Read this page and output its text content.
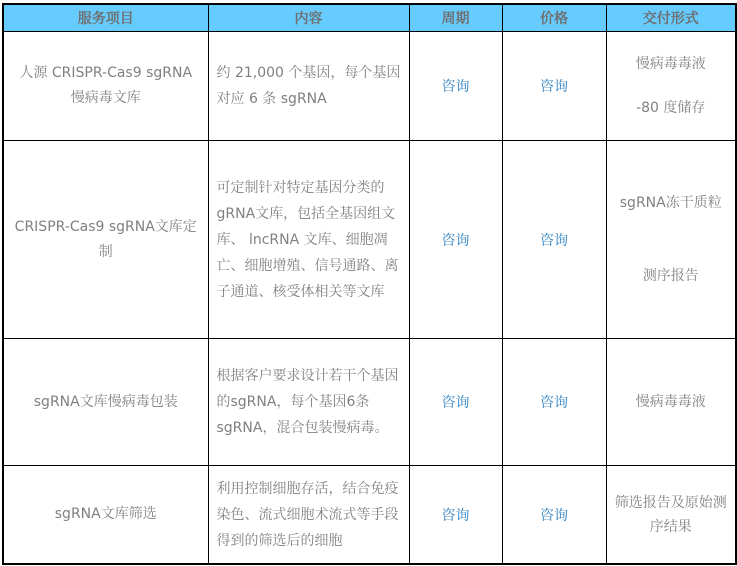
服务项目	内容	周期	价格	交付形式
人源 CRISPR-Cas9 sgRNA 慢病毒文库	约 21,000 个基因，每个基因对应 6 条 sgRNA	咨询	咨询	慢病毒毒液
-80 度储存

CRISPR-Cas9 sgRNA文库定制	可定制针对特定基因分类的gRNA文库，包括全基因组文库、 lncRNA 文库、细胞凋亡、细胞增殖、信号通路、离子通道、核受体相关等文库	咨询	咨询	sgRNA冻干质粒
测序报告

sgRNA文库慢病毒包装	根据客户要求设计若干个基因的sgRNA，每个基因6条sgRNA，混合包装慢病毒。	咨询	咨询	慢病毒毒液

sgRNA文库筛选	利用控制细胞存活，结合免疫染色、流式细胞术流式等手段得到的筛选后的细胞	咨询	咨询	筛选报告及原始测序结果
